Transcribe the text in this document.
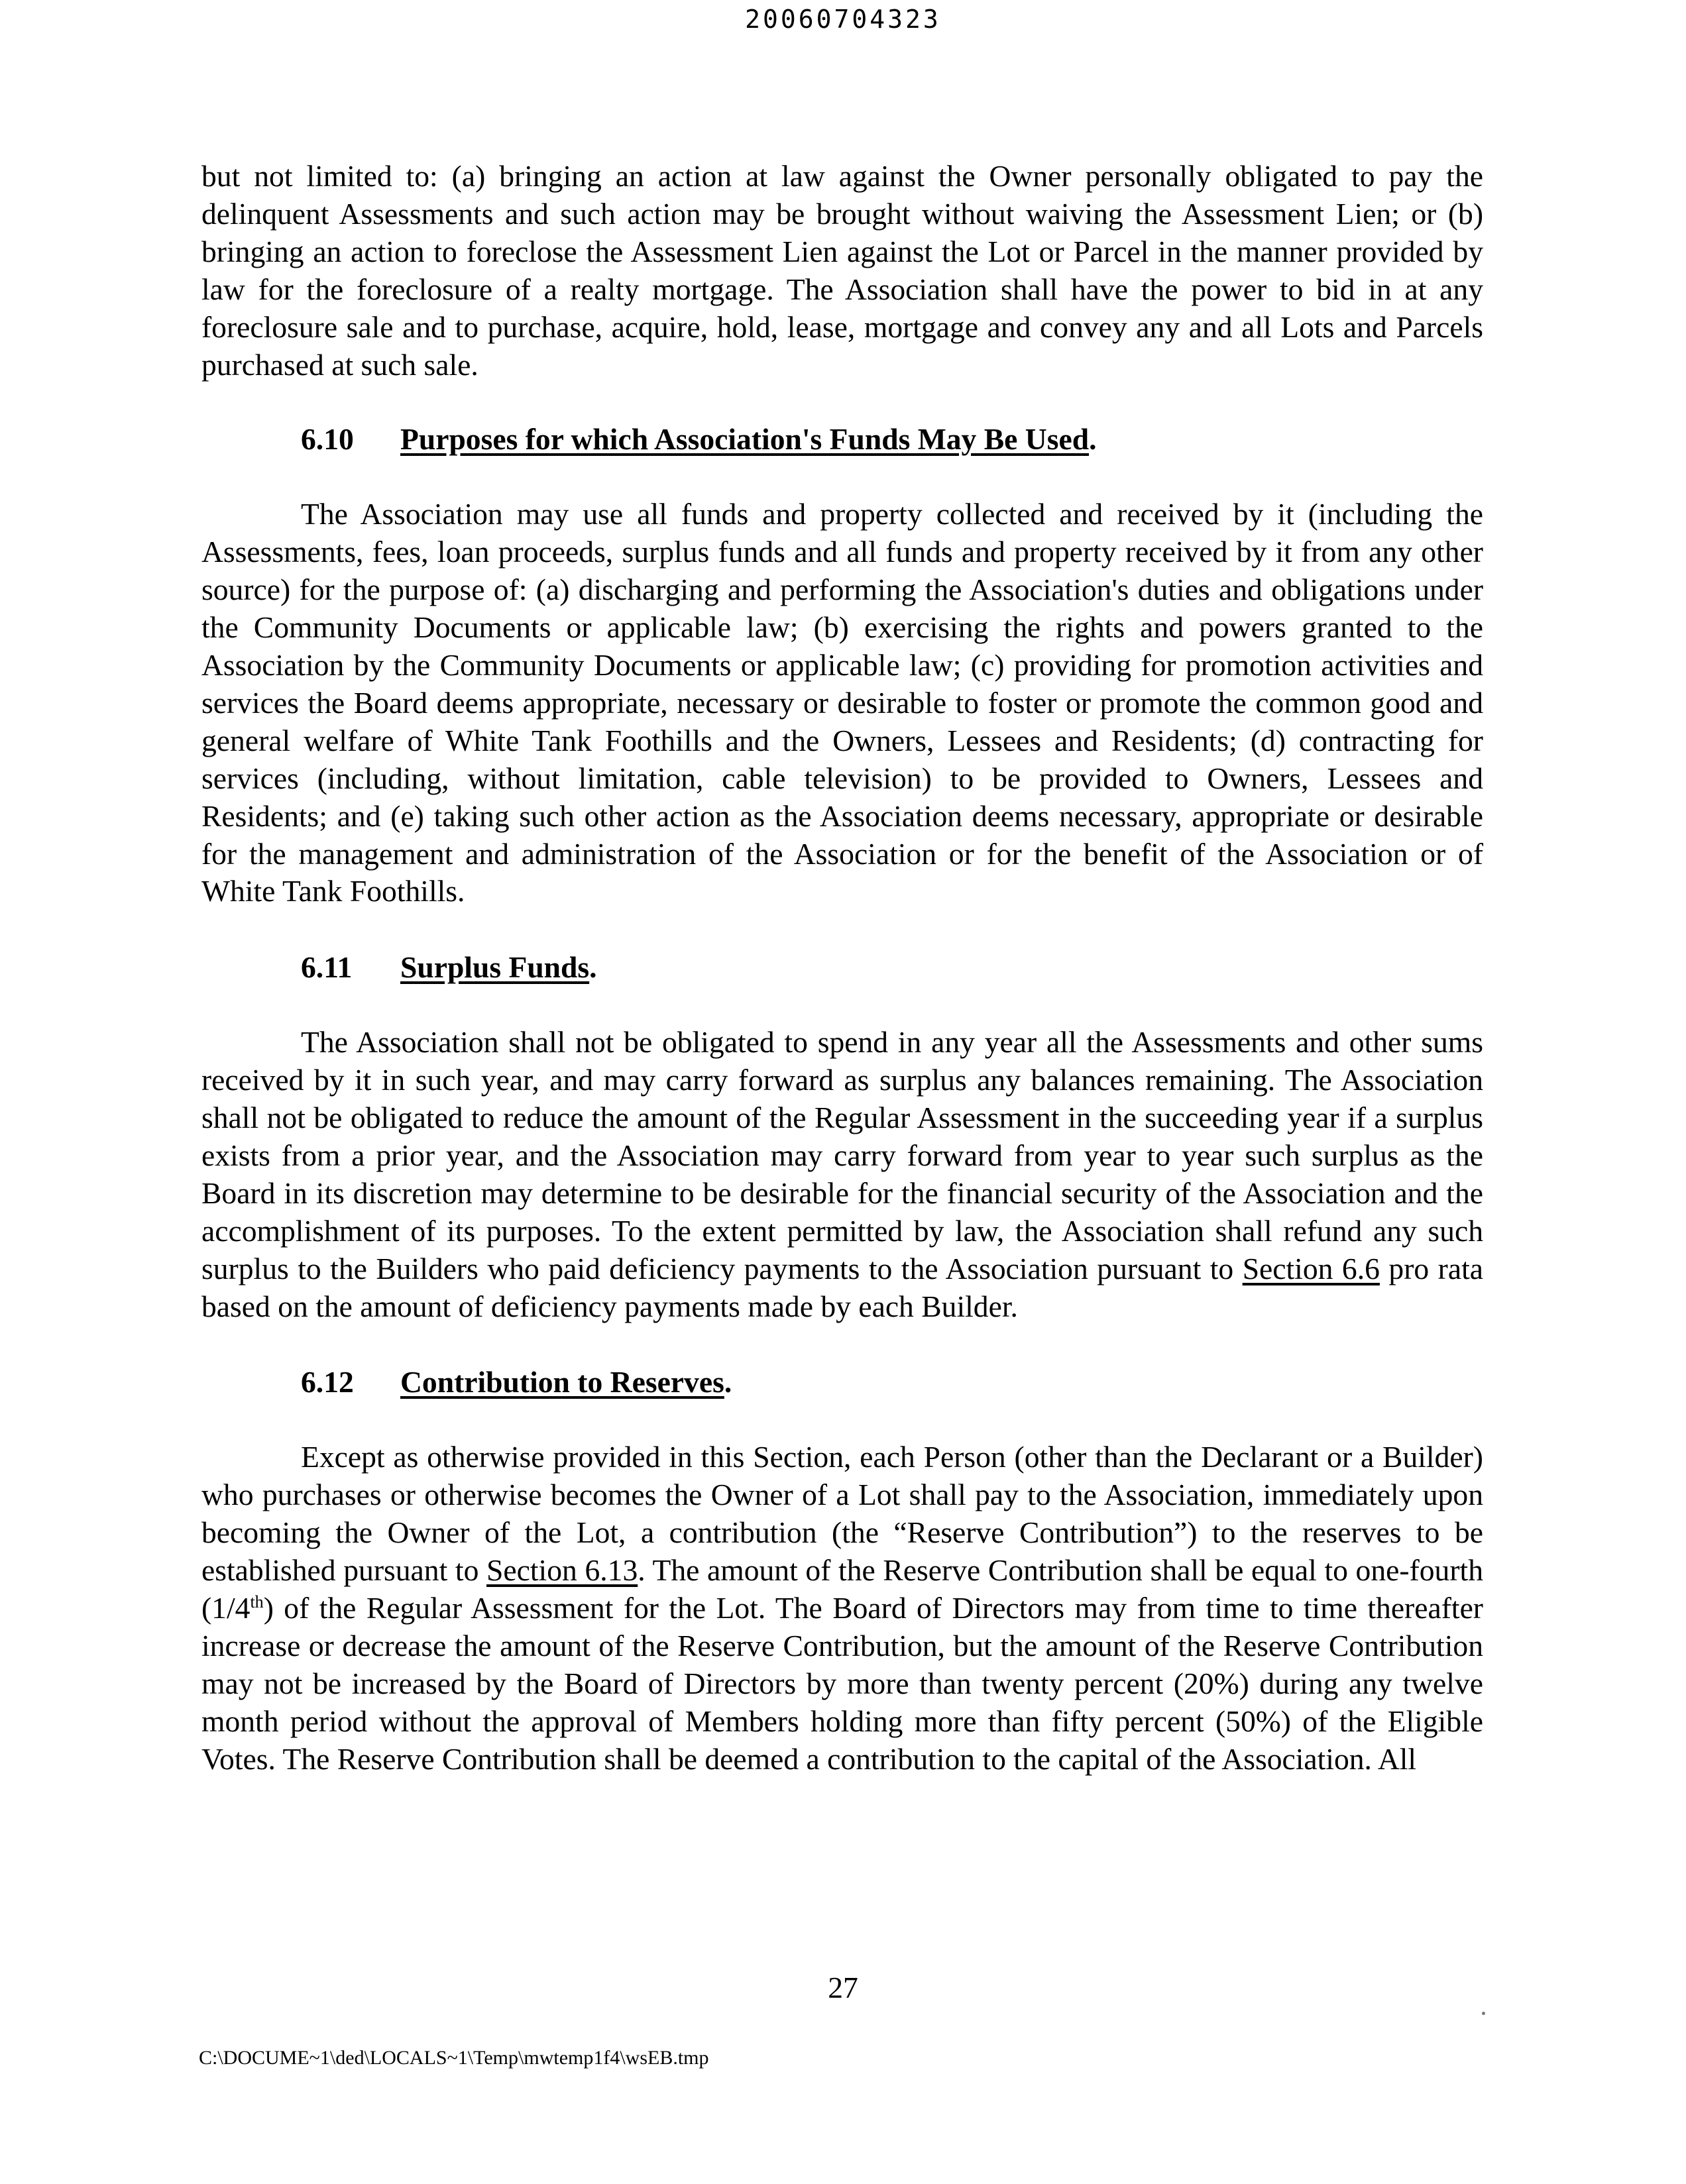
20060704323

but not limited to: (a) bringing an action at law against the Owner personally obligated to pay the delinquent Assessments and such action may be brought without waiving the Assessment Lien; or (b) bringing an action to foreclose the Assessment Lien against the Lot or Parcel in the manner provided by law for the foreclosure of a realty mortgage. The Association shall have the power to bid in at any foreclosure sale and to purchase, acquire, hold, lease, mortgage and convey any and all Lots and Parcels purchased at such sale.

6.10 Purposes for which Association's Funds May Be Used.

The Association may use all funds and property collected and received by it (including the Assessments, fees, loan proceeds, surplus funds and all funds and property received by it from any other source) for the purpose of: (a) discharging and performing the Association's duties and obligations under the Community Documents or applicable law; (b) exercising the rights and powers granted to the Association by the Community Documents or applicable law; (c) providing for promotion activities and services the Board deems appropriate, necessary or desirable to foster or promote the common good and general welfare of White Tank Foothills and the Owners, Lessees and Residents; (d) contracting for services (including, without limitation, cable television) to be provided to Owners, Lessees and Residents; and (e) taking such other action as the Association deems necessary, appropriate or desirable for the management and administration of the Association or for the benefit of the Association or of White Tank Foothills.

6.11 Surplus Funds.

The Association shall not be obligated to spend in any year all the Assessments and other sums received by it in such year, and may carry forward as surplus any balances remaining. The Association shall not be obligated to reduce the amount of the Regular Assessment in the succeeding year if a surplus exists from a prior year, and the Association may carry forward from year to year such surplus as the Board in its discretion may determine to be desirable for the financial security of the Association and the accomplishment of its purposes. To the extent permitted by law, the Association shall refund any such surplus to the Builders who paid deficiency payments to the Association pursuant to Section 6.6 pro rata based on the amount of deficiency payments made by each Builder.

6.12 Contribution to Reserves.

Except as otherwise provided in this Section, each Person (other than the Declarant or a Builder) who purchases or otherwise becomes the Owner of a Lot shall pay to the Association, immediately upon becoming the Owner of the Lot, a contribution (the “Reserve Contribution”) to the reserves to be established pursuant to Section 6.13. The amount of the Reserve Contribution shall be equal to one-fourth (1/4th) of the Regular Assessment for the Lot. The Board of Directors may from time to time thereafter increase or decrease the amount of the Reserve Contribution, but the amount of the Reserve Contribution may not be increased by the Board of Directors by more than twenty percent (20%) during any twelve month period without the approval of Members holding more than fifty percent (50%) of the Eligible Votes. The Reserve Contribution shall be deemed a contribution to the capital of the Association. All

27
C:\DOCUME~1\ded\LOCALS~1\Temp\mwtemp1f4\wsEB.tmp
